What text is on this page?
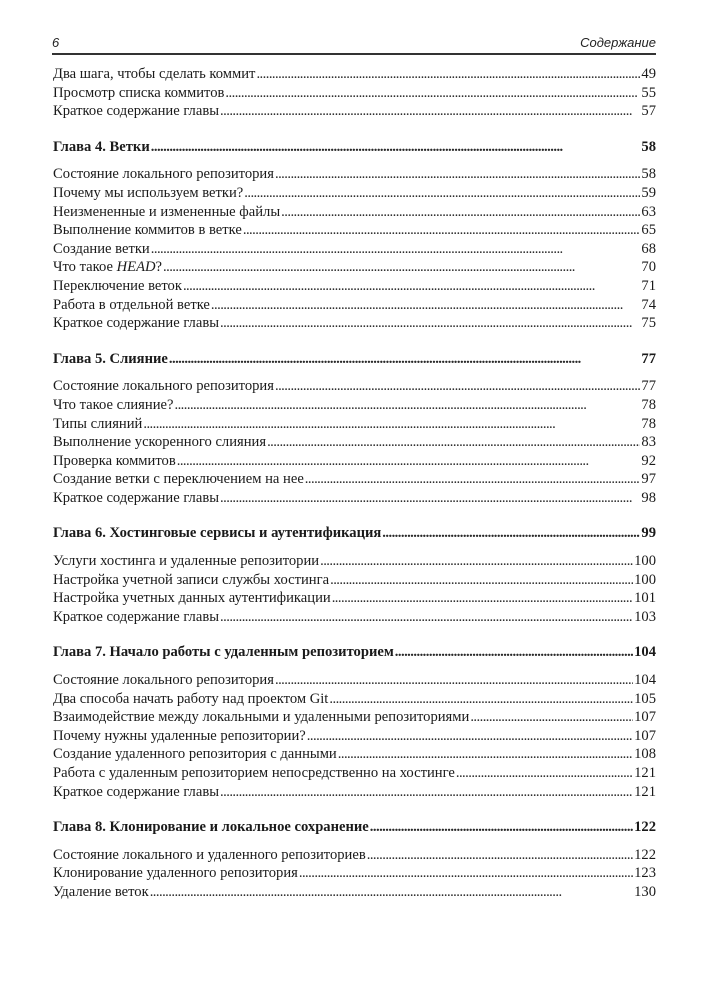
6	Содержание
Два шага, чтобы сделать коммит . . .	49
Просмотр списка коммитов . . .	55
Краткое содержание главы . . .	57
Глава 4. Ветки . . .	58
Состояние локального репозитория . . .	58
Почему мы используем ветки? . . .	59
Неизмененные и измененные файлы . . .	63
Выполнение коммитов в ветке . . .	65
Создание ветки . . .	68
Что такое HEAD? . . .	70
Переключение веток . . .	71
Работа в отдельной ветке . . .	74
Краткое содержание главы . . .	75
Глава 5. Слияние . . .	77
Состояние локального репозитория . . .	77
Что такое слияние? . . .	78
Типы слияний . . .	78
Выполнение ускоренного слияния . . .	83
Проверка коммитов . . .	92
Создание ветки с переключением на нее . . .	97
Краткое содержание главы . . .	98
Глава 6. Хостинговые сервисы и аутентификация . . .	99
Услуги хостинга и удаленные репозитории . . .	100
Настройка учетной записи службы хостинга . . .	100
Настройка учетных данных аутентификации . . .	101
Краткое содержание главы . . .	103
Глава 7. Начало работы с удаленным репозиторием . . .	104
Состояние локального репозитория . . .	104
Два способа начать работу над проектом Git . . .	105
Взаимодействие между локальными и удаленными репозиториями . . .	107
Почему нужны удаленные репозитории? . . .	107
Создание удаленного репозитория с данными . . .	108
Работа с удаленным репозиторием непосредственно на хостинге . . .	121
Краткое содержание главы . . .	121
Глава 8. Клонирование и локальное сохранение . . .	122
Состояние локального и удаленного репозиториев . . .	122
Клонирование удаленного репозитория . . .	123
Удаление веток . . .	130
